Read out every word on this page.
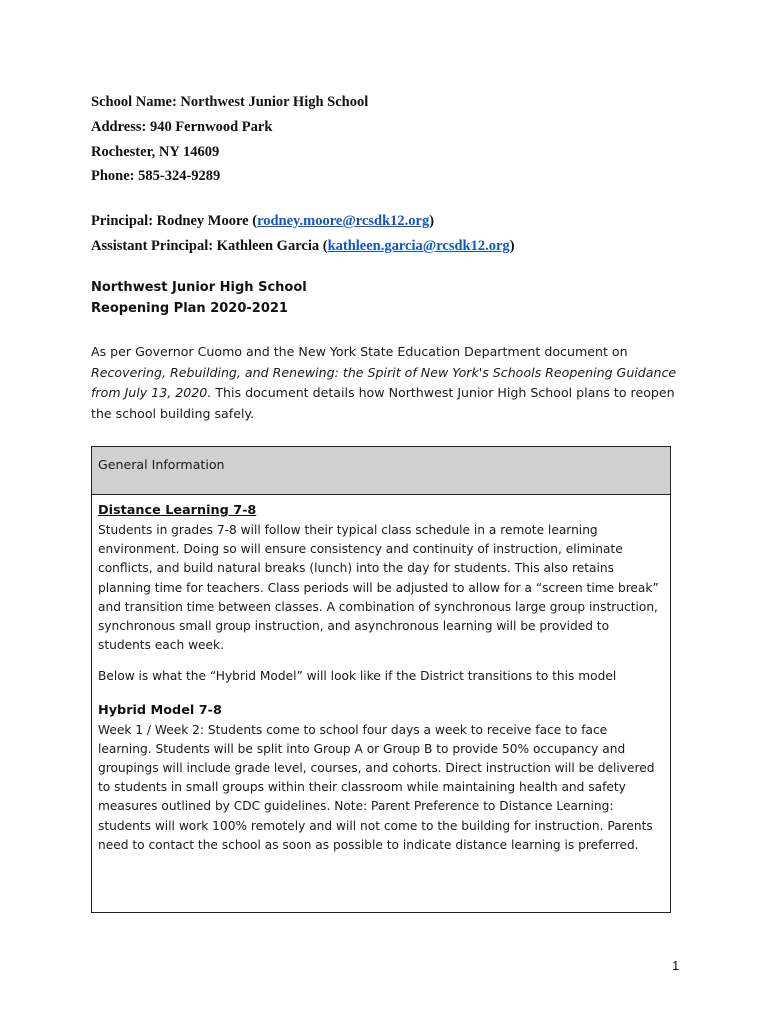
School Name: Northwest Junior High School
Address: 940 Fernwood Park
Rochester, NY 14609
Phone: 585-324-9289
Principal: Rodney Moore (rodney.moore@rcsdk12.org)
Assistant Principal: Kathleen Garcia (kathleen.garcia@rcsdk12.org)
Northwest Junior High School
Reopening Plan 2020-2021

As per Governor Cuomo and the New York State Education Department document on Recovering, Rebuilding, and Renewing: the Spirit of New York's Schools Reopening Guidance from July 13, 2020. This document details how Northwest Junior High School plans to reopen the school building safely.

General Information
Distance Learning 7-8

Students in grades 7-8 will follow their typical class schedule in a remote learning environment. Doing so will ensure consistency and continuity of instruction, eliminate conflicts, and build natural breaks (lunch) into the day for students. This also retains planning time for teachers. Class periods will be adjusted to allow for a “screen time break” and transition time between classes. A combination of synchronous large group instruction, synchronous small group instruction, and asynchronous learning will be provided to students each week.

Below is what the “Hybrid Model” will look like if the District transitions to this model

Hybrid Model 7-8

Week 1 / Week 2: Students come to school four days a week to receive face to face learning. Students will be split into Group A or Group B to provide 50% occupancy and groupings will include grade level, courses, and cohorts. Direct instruction will be delivered to students in small groups within their classroom while maintaining health and safety measures outlined by CDC guidelines. Note: Parent Preference to Distance Learning: students will work 100% remotely and will not come to the building for instruction. Parents need to contact the school as soon as possible to indicate distance learning is preferred.

1
